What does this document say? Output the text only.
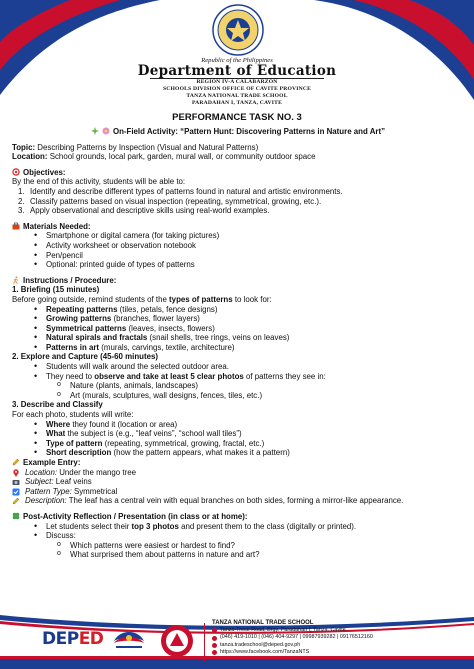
Republic of the Philippines
Department of Education
REGION IV-A CALABARZON
SCHOOLS DIVISION OFFICE OF CAVITE PROVINCE
TANZA NATIONAL TRADE SCHOOL
PARADAHAN I, TANZA, CAVITE
PERFORMANCE TASK NO. 3

On-Field Activity: “Pattern Hunt: Discovering Patterns in Nature and Art”

Topic: Describing Patterns by Inspection (Visual and Natural Patterns)

Location: School grounds, local park, garden, mural wall, or community outdoor space

Objectives:

By the end of this activity, students will be able to:

1. Identify and describe different types of patterns found in natural and artistic environments.
2. Classify patterns based on visual inspection (repeating, symmetrical, growing, etc.).
3. Apply observational and descriptive skills using real-world examples.

Materials Needed:

• Smartphone or digital camera (for taking pictures)
• Activity worksheet or observation notebook
• Pen/pencil
• Optional: printed guide of types of patterns

Instructions / Procedure:

1. Briefing (15 minutes)

Before going outside, remind students of the types of patterns to look for:

• Repeating patterns (tiles, petals, fence designs)
• Growing patterns (branches, flower layers)
• Symmetrical patterns (leaves, insects, flowers)
• Natural spirals and fractals (snail shells, tree rings, veins on leaves)
• Patterns in art (murals, carvings, textile, architecture)

2. Explore and Capture (45-60 minutes)

• Students will walk around the selected outdoor area.
• They need to observe and take at least 5 clear photos of patterns they see in:
o Nature (plants, animals, landscapes)
o Art (murals, sculptures, wall designs, fences, tiles, etc.)

3. Describe and Classify

For each photo, students will write:

• Where they found it (location or area)
• What the subject is (e.g., “leaf veins”, “school wall tiles”)
• Type of pattern (repeating, symmetrical, growing, fractal, etc.)
• Short description (how the pattern appears, what makes it a pattern)

Example Entry:

Location: Under the mango tree
Subject: Leaf veins
Pattern Type: Symmetrical
Description: The leaf has a central vein with equal branches on both sides, forming a mirror-like appearance.

Post-Activity Reflection / Presentation (in class or at home):

• Let students select their top 3 photos and present them to the class (digitally or printed).
• Discuss:
o Which patterns were easiest or hardest to find?
o What surprised them about patterns in nature and art?
DEPED
TANZA NATIONAL TRADE SCHOOL
Tanza-Trece Road, Brgy. Paradahan I, Tanza, Cavite
(046) 419-1010 | (046) 404-9297 | 09987939282 | 09176512160
tanza.tradeschool@deped.gov.ph
https://www.facebook.com/TanzaNTS
